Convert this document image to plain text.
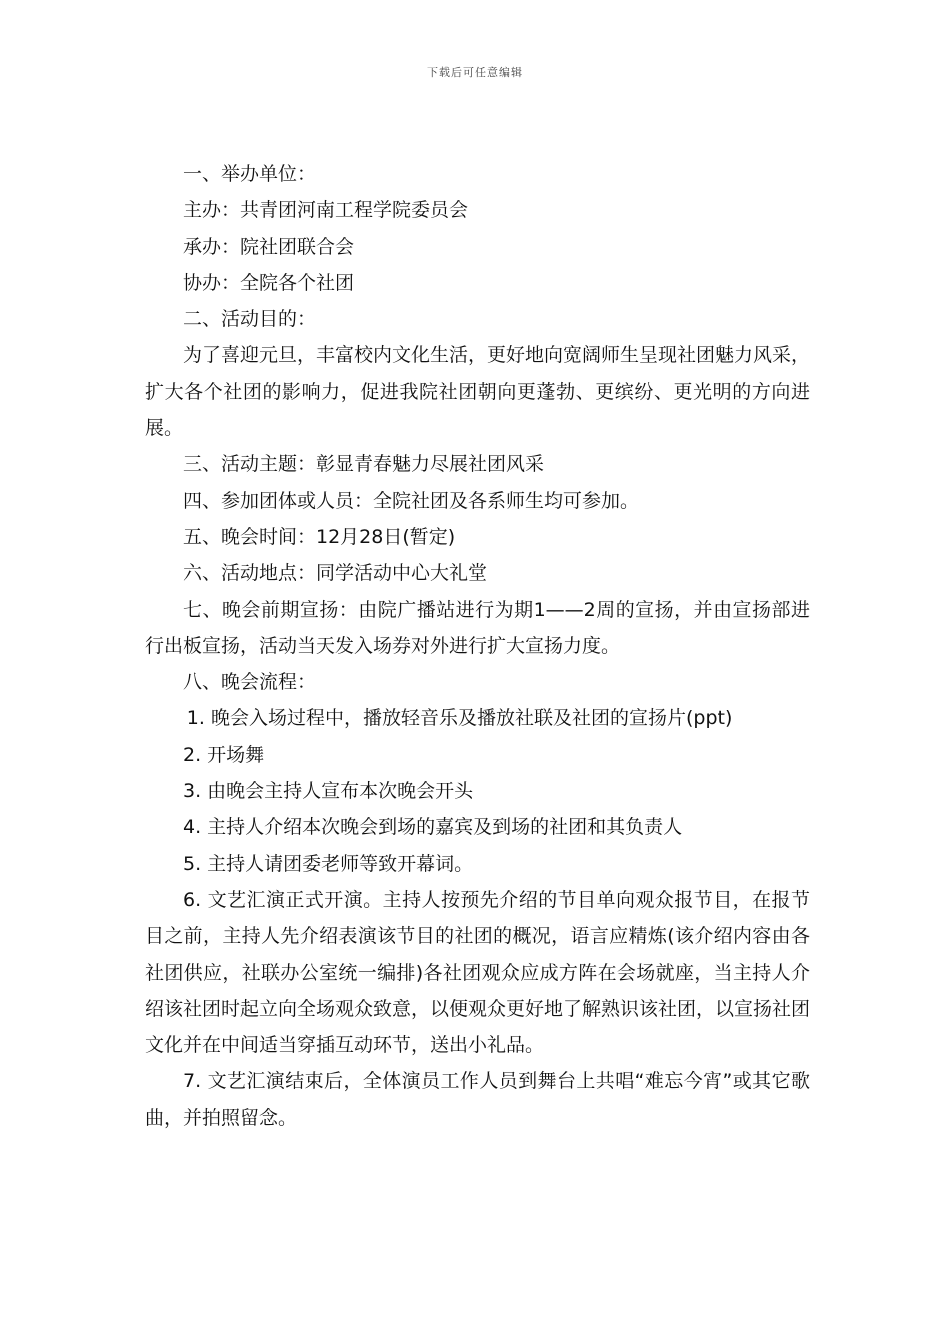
下载后可任意编辑

一、举办单位：

主办：共青团河南工程学院委员会

承办：院社团联合会

协办：全院各个社团

二、活动目的：

为了喜迎元旦，丰富校内文化生活，更好地向宽阔师生呈现社团魅力风采，扩大各个社团的影响力，促进我院社团朝向更蓬勃、更缤纷、更光明的方向进展。

三、活动主题：彰显青春魅力尽展社团风采

四、参加团体或人员：全院社团及各系师生均可参加。

五、晚会时间：12月28日(暂定)

六、活动地点：同学活动中心大礼堂

七、晚会前期宣扬：由院广播站进行为期1——2周的宣扬，并由宣扬部进行出板宣扬，活动当天发入场券对外进行扩大宣扬力度。

八、晚会流程：

1. 晚会入场过程中，播放轻音乐及播放社联及社团的宣扬片(ppt)

2. 开场舞

3. 由晚会主持人宣布本次晚会开头

4. 主持人介绍本次晚会到场的嘉宾及到场的社团和其负责人

5. 主持人请团委老师等致开幕词。

6. 文艺汇演正式开演。主持人按预先介绍的节目单向观众报节目，在报节目之前，主持人先介绍表演该节目的社团的概况，语言应精炼(该介绍内容由各社团供应，社联办公室统一编排)各社团观众应成方阵在会场就座，当主持人介绍该社团时起立向全场观众致意，以便观众更好地了解熟识该社团，以宣扬社团文化并在中间适当穿插互动环节，送出小礼品。

7. 文艺汇演结束后，全体演员工作人员到舞台上共唱“难忘今宵”或其它歌曲，并拍照留念。
